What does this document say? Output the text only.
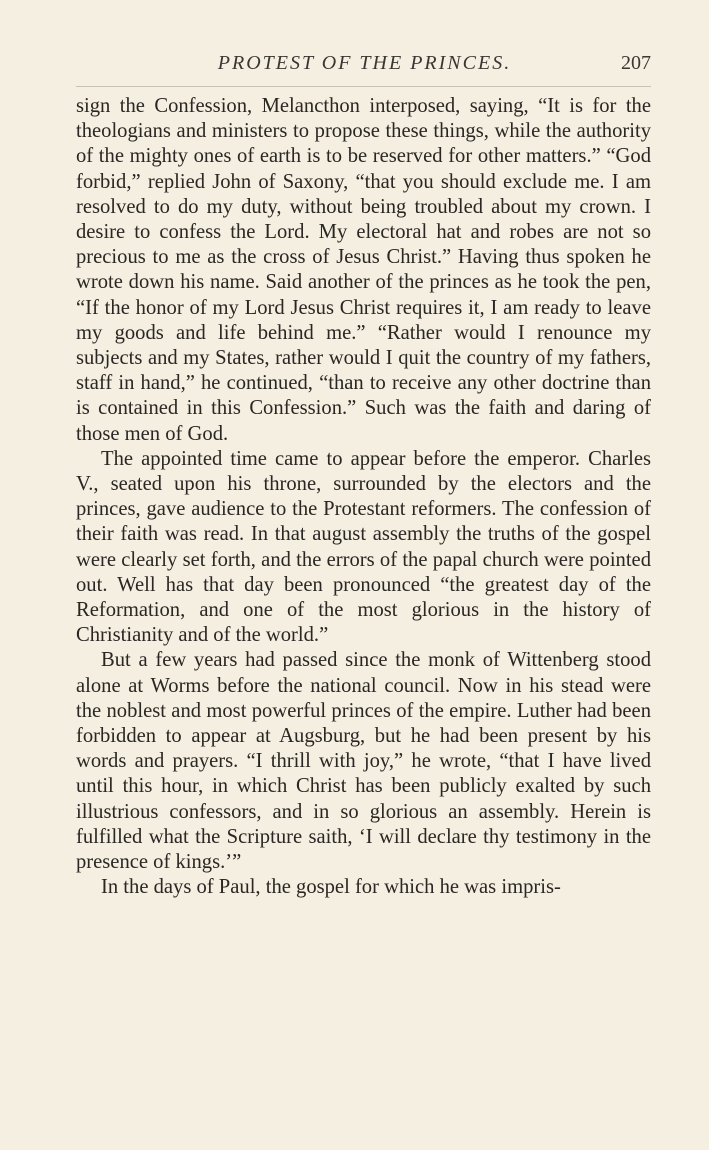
PROTEST OF THE PRINCES.	207

sign the Confession, Melancthon interposed, saying, “It is for the theologians and ministers to propose these things, while the authority of the mighty ones of earth is to be reserved for other matters.” “God forbid,” replied John of Saxony, “that you should exclude me. I am resolved to do my duty, without being troubled about my crown. I desire to confess the Lord. My electoral hat and robes are not so precious to me as the cross of Jesus Christ.” Having thus spoken he wrote down his name. Said another of the princes as he took the pen, “If the honor of my Lord Jesus Christ requires it, I am ready to leave my goods and life behind me.” “Rather would I renounce my subjects and my States, rather would I quit the country of my fathers, staff in hand,” he continued, “than to receive any other doctrine than is contained in this Confession.” Such was the faith and daring of those men of God.

The appointed time came to appear before the emperor. Charles V., seated upon his throne, surrounded by the electors and the princes, gave audience to the Protestant reformers. The confession of their faith was read. In that august assembly the truths of the gospel were clearly set forth, and the errors of the papal church were pointed out. Well has that day been pronounced “the greatest day of the Reformation, and one of the most glorious in the history of Christianity and of the world.”

But a few years had passed since the monk of Wittenberg stood alone at Worms before the national council. Now in his stead were the noblest and most powerful princes of the empire. Luther had been forbidden to appear at Augsburg, but he had been present by his words and prayers. “I thrill with joy,” he wrote, “that I have lived until this hour, in which Christ has been publicly exalted by such illustrious confessors, and in so glorious an assembly. Herein is fulfilled what the Scripture saith, ‘I will declare thy testimony in the presence of kings.’”

In the days of Paul, the gospel for which he was impris-
